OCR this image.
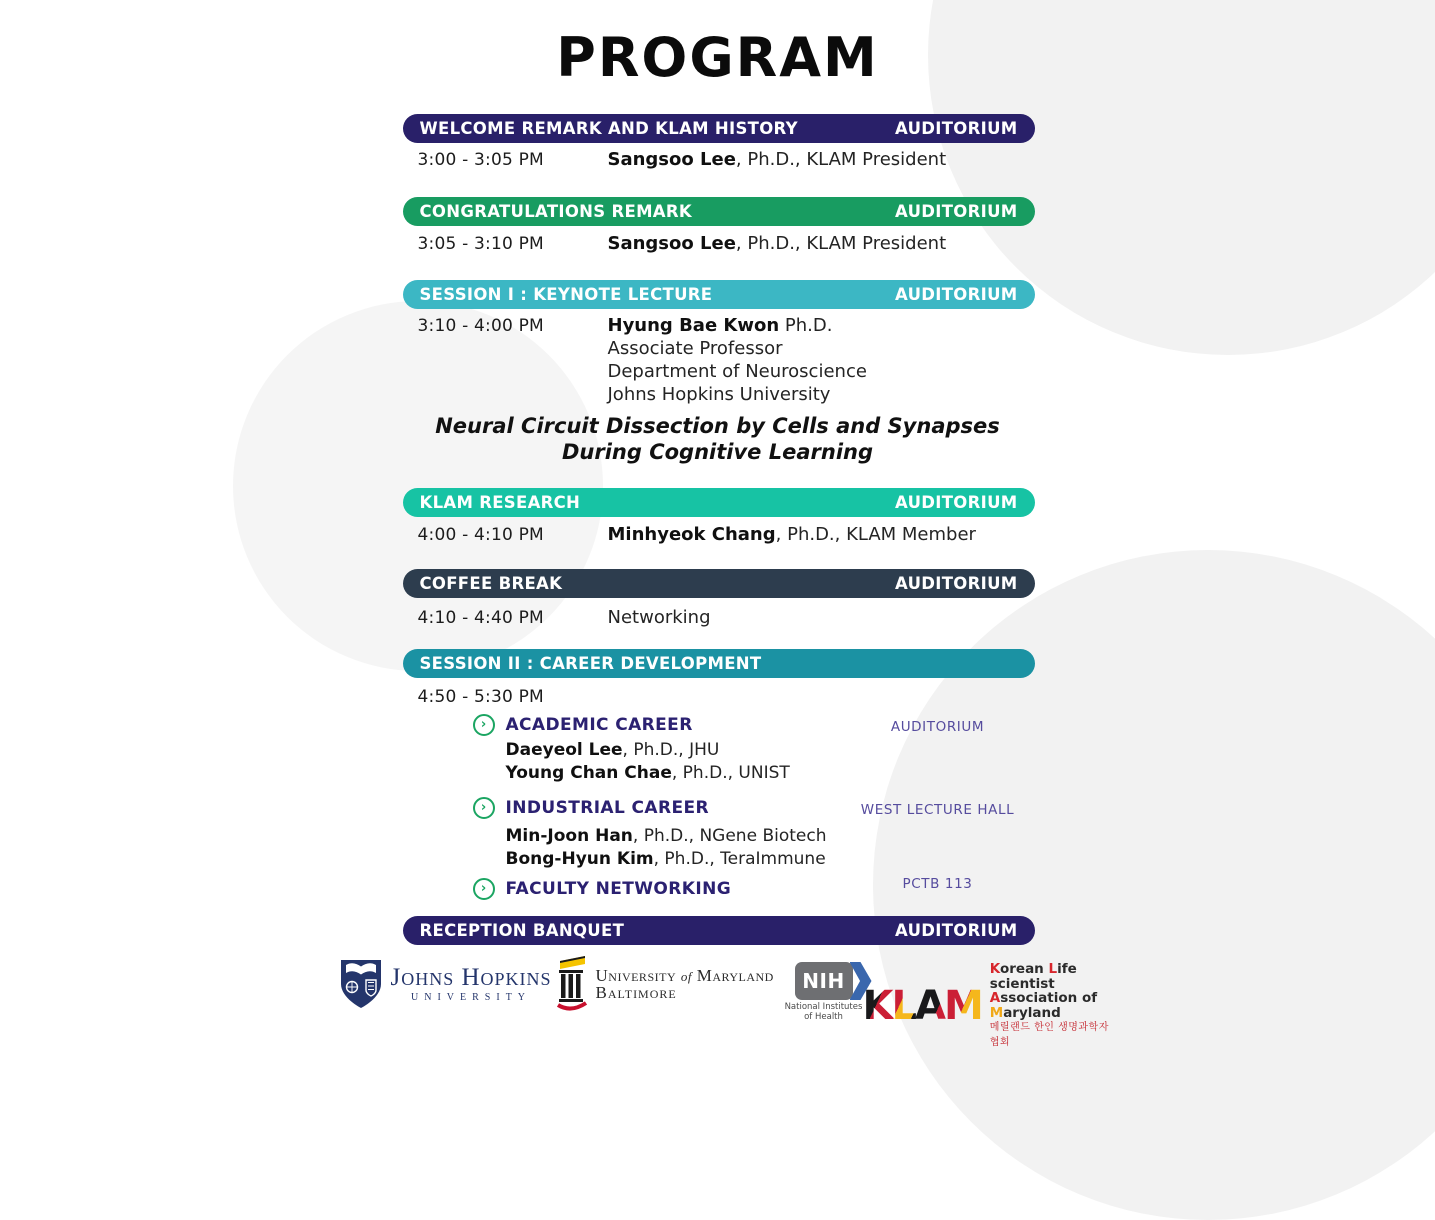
PROGRAM
WELCOME REMARK AND KLAM HISTORY	AUDITORIUM
3:00 - 3:05 PM	Sangsoo Lee, Ph.D., KLAM President
CONGRATULATIONS REMARK	AUDITORIUM
3:05 - 3:10 PM	Sangsoo Lee, Ph.D., KLAM President
SESSION I : KEYNOTE LECTURE	AUDITORIUM
3:10 - 4:00 PM	Hyung Bae Kwon Ph.D.
Associate Professor
Department of Neuroscience
Johns Hopkins University
Neural Circuit Dissection by Cells and Synapses
During Cognitive Learning
KLAM RESEARCH	AUDITORIUM
4:00 - 4:10 PM	Minhyeok Chang, Ph.D., KLAM Member
COFFEE BREAK	AUDITORIUM
4:10 - 4:40 PM	Networking
SESSION II : CAREER DEVELOPMENT
4:50 - 5:30 PM
›	ACADEMIC CAREER	AUDITORIUM
Daeyeol Lee, Ph.D., JHU
Young Chan Chae, Ph.D., UNIST
›	INDUSTRIAL CAREER	WEST LECTURE HALL
Min-Joon Han, Ph.D., NGene Biotech
Bong-Hyun Kim, Ph.D., TeraImmune
›	FACULTY NETWORKING	PCTB 113
RECEPTION BANQUET	AUDITORIUM
Johns Hopkins
UNIVERSITY
University of Maryland
Baltimore	NIH
National Institutes
of Health KLAM
Korean Life scientist
Association of Maryland
메릴랜드 한인 생명과학자 협회
